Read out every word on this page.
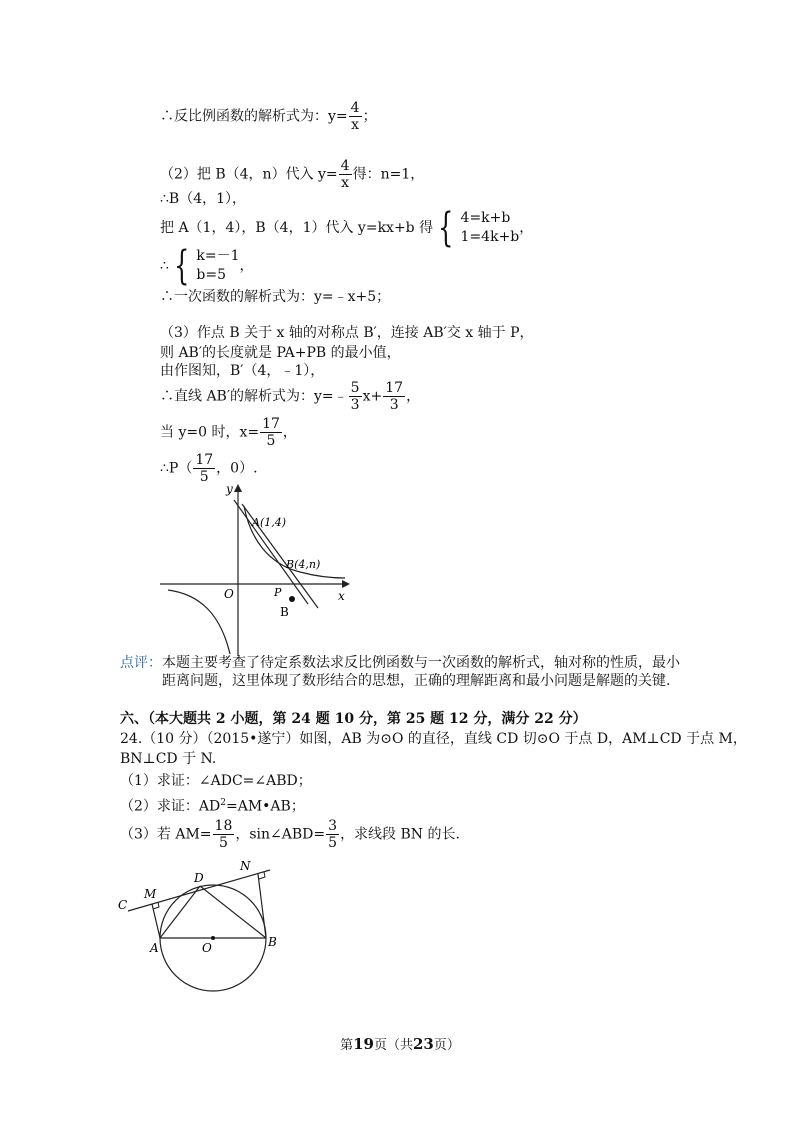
∴反比例函数的解析式为：$y= \frac{4}{x}$ ；
（2）把 B（4，n）代入 $y= \frac{4}{x}$ 得：n=1，
∴B（4，1），
把 A（1，4），B（4，1）代入 y=kx+b 得 { 4=k+b
1=4k+b
，
∴ { k=－1
b=5
，
∴一次函数的解析式为：y=﹣x+5；
（3）作点 B 关于 x 轴的对称点 B′，连接 AB′交 x 轴于 P，
则 AB′的长度就是 PA+PB 的最小值，
由作图知，B′（4，﹣1），
∴直线 AB′的解析式为：y=﹣ $\frac{5}{3} x+ \frac{17}{3}$ ，
当 y=0 时，$x= \frac{17}{5}$ ，
∴P（ $\frac{17}{5}$ ，0）.
y
x
O
A(1,4)
B(4,n)
P
B
点评：本题主要考查了待定系数法求反比例函数与一次函数的解析式，轴对称的性质，最小
距离问题，这里体现了数形结合的思想，正确的理解距离和最小问题是解题的关键.
六、（本大题共 2 小题，第 24 题 10 分，第 25 题 12 分，满分 22 分）
24.（10 分）（2015•遂宁）如图，AB 为⊙O 的直径，直线 CD 切⊙O 于点 D，AM⊥CD 于点 M，
BN⊥CD 于 N.
（1）求证：∠ADC=∠ABD；
（2）求证：$AD^2=AM•AB$；
（3）若 $AM= \frac{18}{5}$ ，sin∠ABD= $\frac{3}{5}$ ，求线段 BN 的长.
C
M
D
N
A	O	B
第19页（共23页）
